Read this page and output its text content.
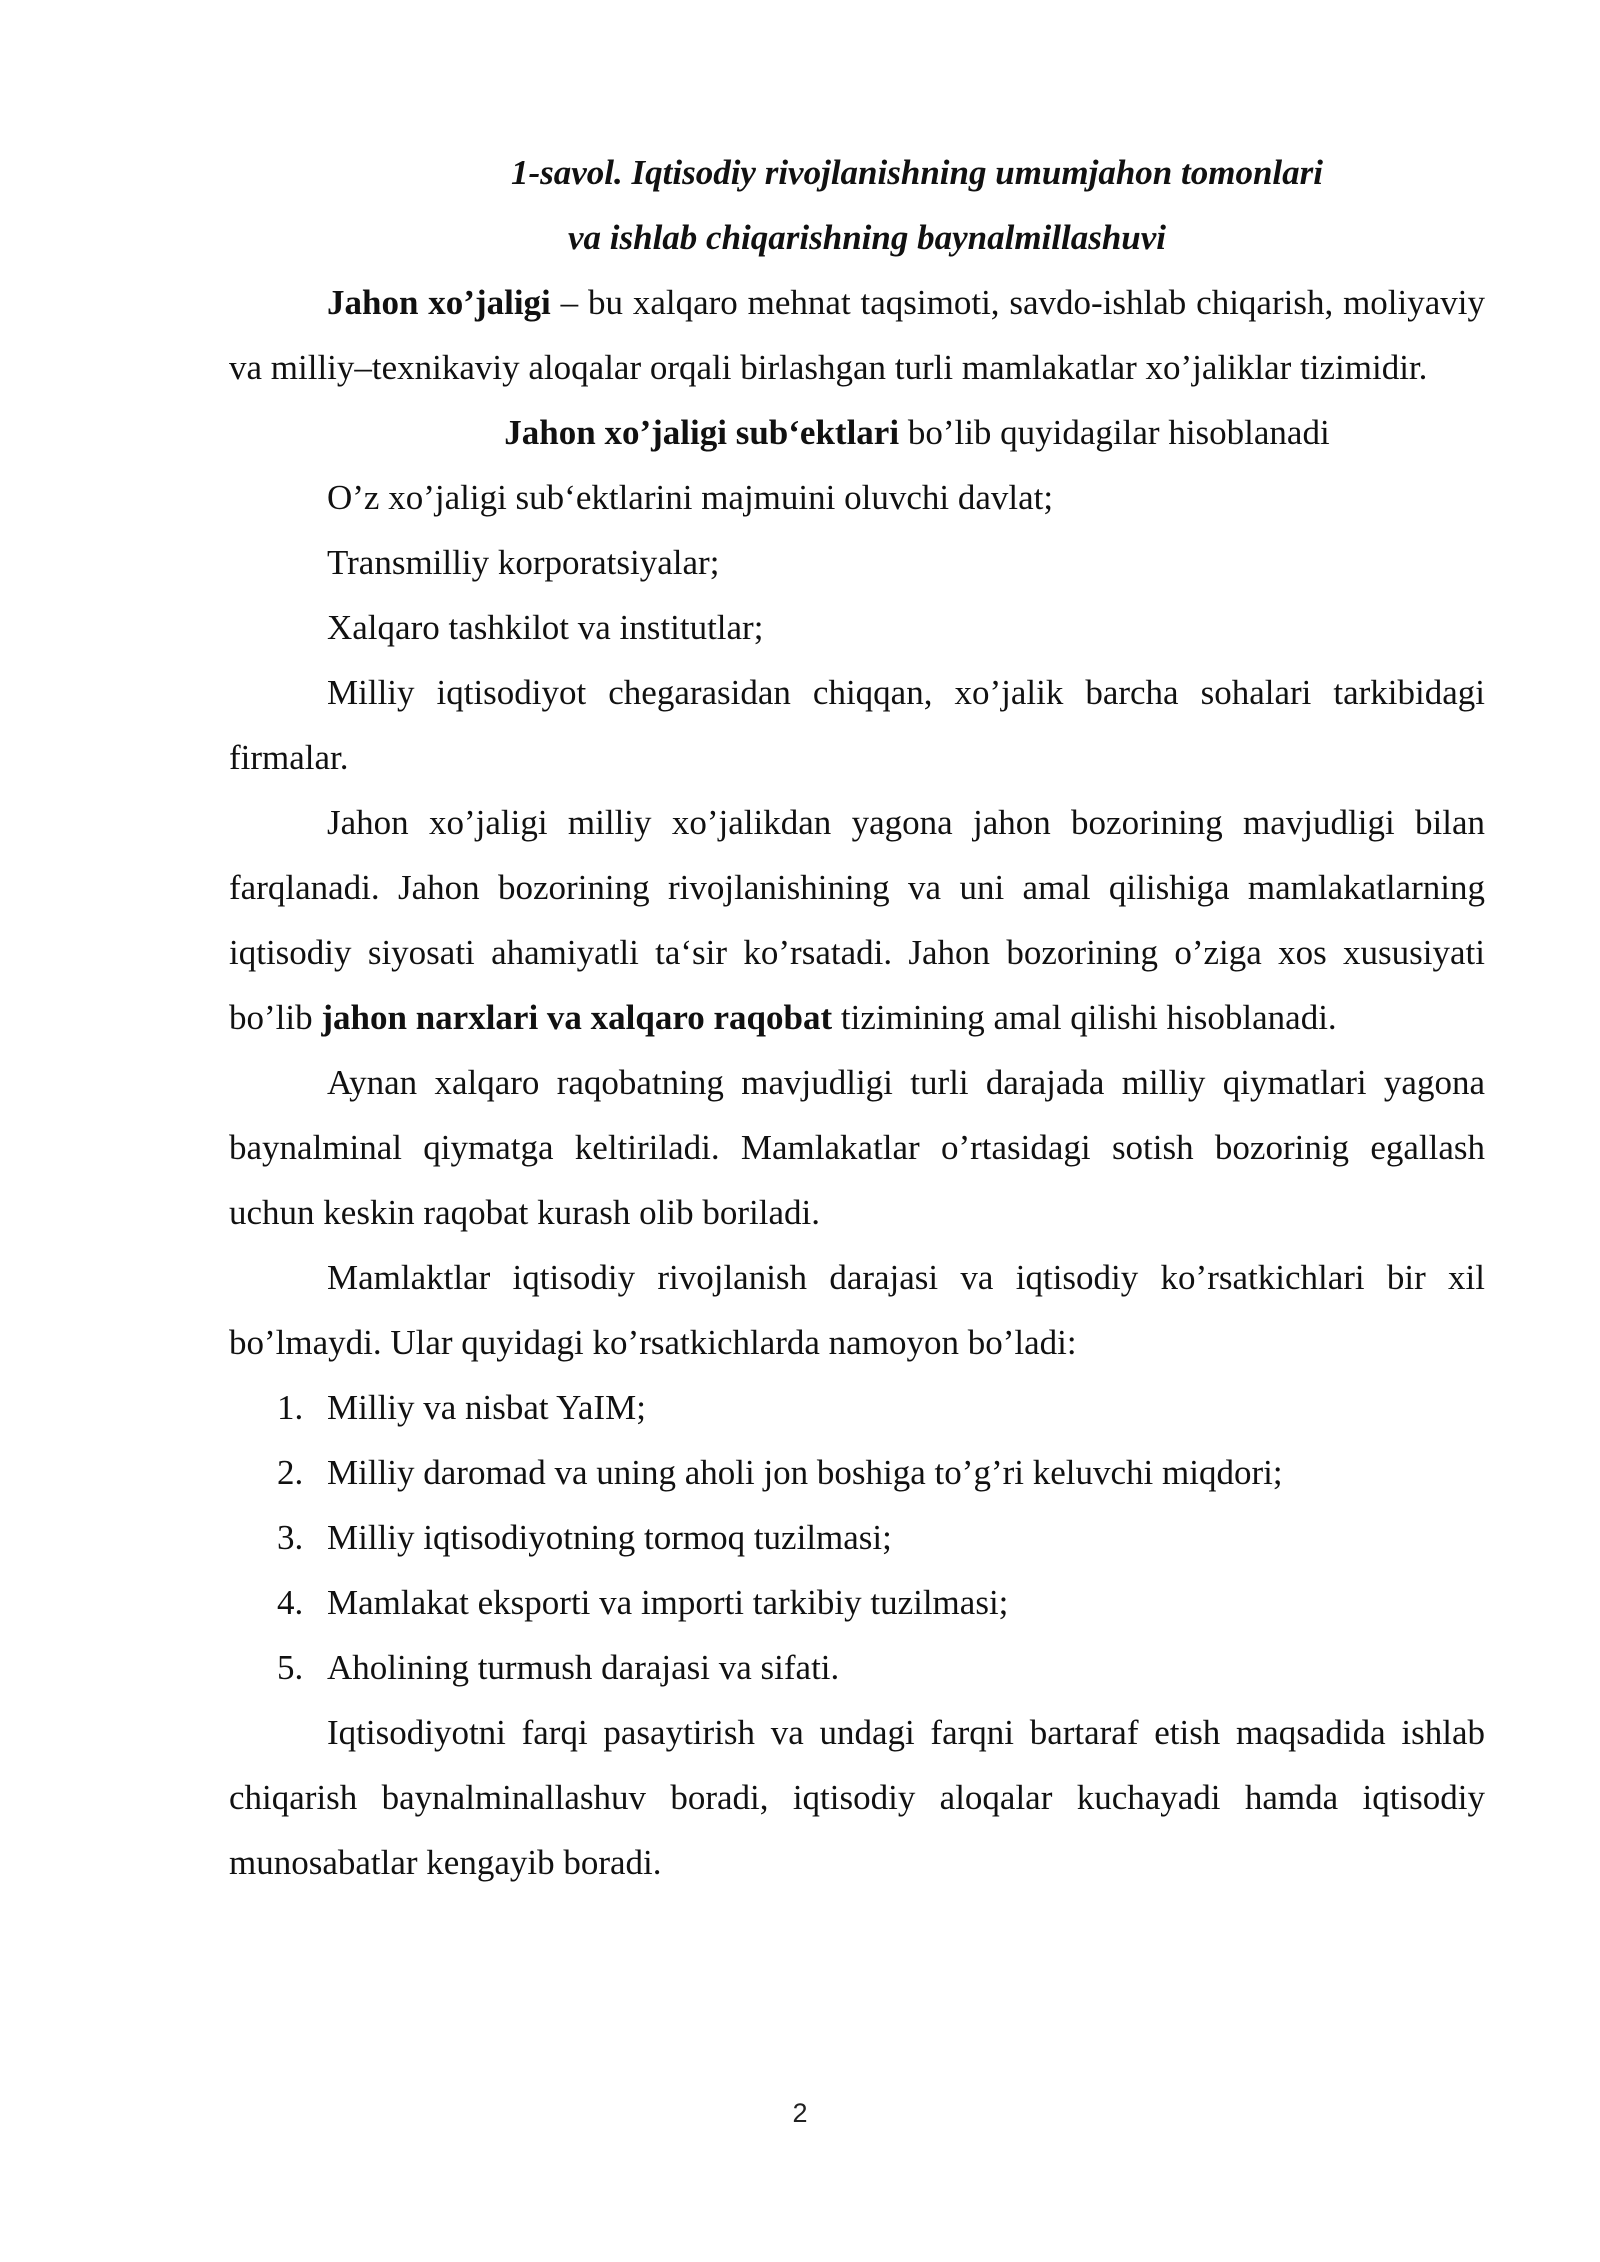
1-savol. Iqtisodiy rivojlanishning umumjahon tomonlari

va ishlab chiqarishning baynalmillashuvi

Jahon xo’jaligi – bu xalqaro mehnat taqsimoti, savdo-ishlab chiqarish, moliyaviy va milliy–texnikaviy aloqalar orqali birlashgan turli mamlakatlar xo’jaliklar tizimidir.

Jahon xo’jaligi sub‘ektlari bo’lib quyidagilar hisoblanadi

O’z xo’jaligi sub‘ektlarini majmuini oluvchi davlat;

Transmilliy korporatsiyalar;

Xalqaro tashkilot va institutlar;

Milliy iqtisodiyot chegarasidan chiqqan, xo’jalik barcha sohalari tarkibidagi firmalar.

Jahon xo’jaligi milliy xo’jalikdan yagona jahon bozorining mavjudligi bilan farqlanadi. Jahon bozorining rivojlanishining va uni amal qilishiga mamlakatlarning iqtisodiy siyosati ahamiyatli ta‘sir ko’rsatadi. Jahon bozorining o’ziga xos xususiyati bo’lib jahon narxlari va xalqaro raqobat tizimining amal qilishi hisoblanadi.

Aynan xalqaro raqobatning mavjudligi turli darajada milliy qiymatlari yagona baynalminal qiymatga keltiriladi. Mamlakatlar o’rtasidagi sotish bozorinig egallash uchun keskin raqobat kurash olib boriladi.

Mamlaktlar iqtisodiy rivojlanish darajasi va iqtisodiy ko’rsatkichlari bir xil bo’lmaydi. Ular quyidagi ko’rsatkichlarda namoyon bo’ladi:

1. Milliy va nisbat YaIM;
2. Milliy daromad va uning aholi jon boshiga to’g’ri keluvchi miqdori;
3. Milliy iqtisodiyotning tormoq tuzilmasi;
4. Mamlakat eksporti va importi tarkibiy tuzilmasi;
5. Aholining turmush darajasi va sifati.

Iqtisodiyotni farqi pasaytirish va undagi farqni bartaraf etish maqsadida ishlab chiqarish baynalminallashuv boradi, iqtisodiy aloqalar kuchayadi hamda iqtisodiy munosabatlar kengayib boradi.

2
